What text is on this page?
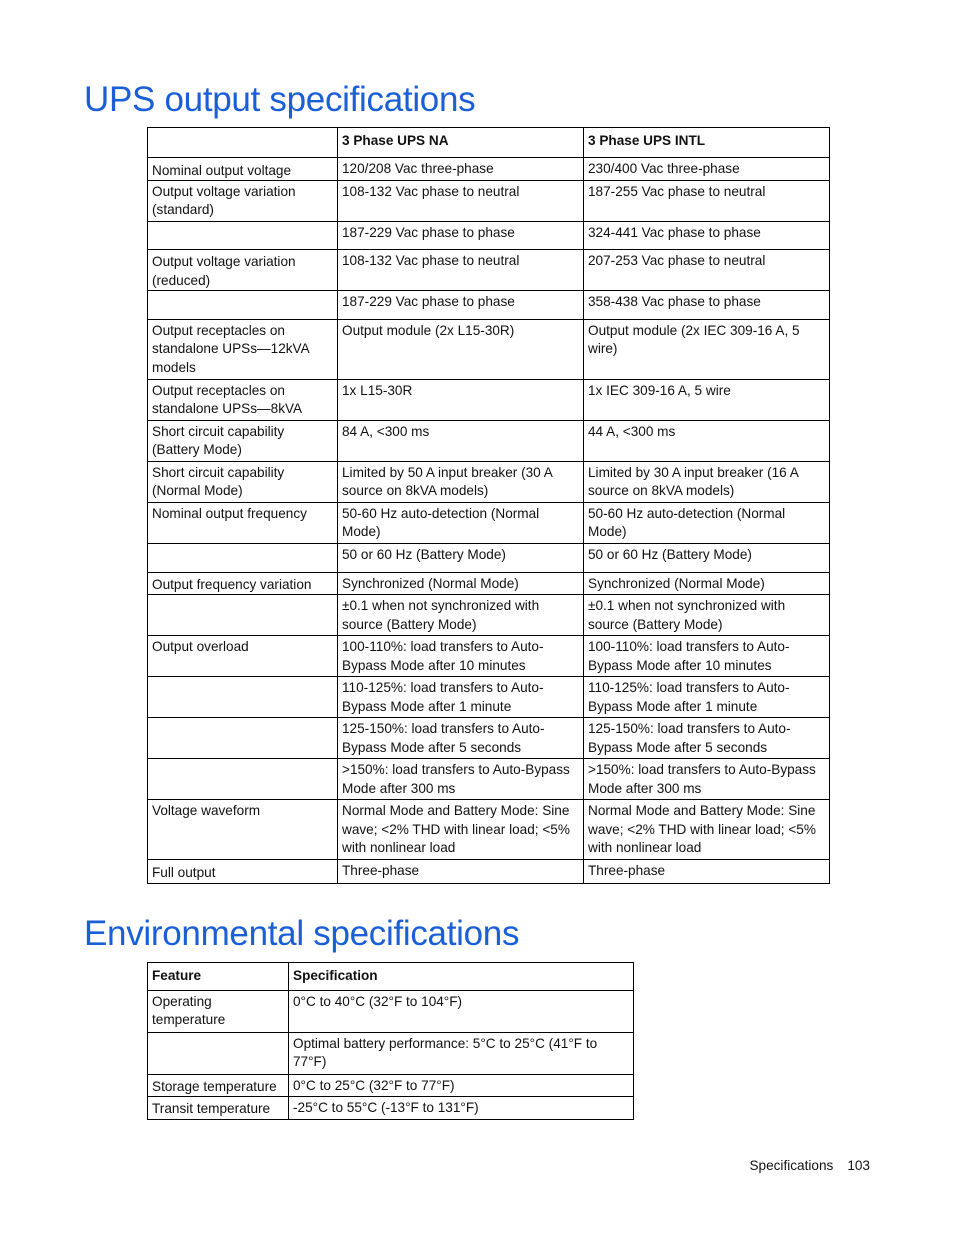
UPS output specifications
	3 Phase UPS NA	3 Phase UPS INTL
Nominal output voltage	120/208 Vac three-phase	230/400 Vac three-phase
Output voltage variation (standard)	108-132 Vac phase to neutral	187-255 Vac phase to neutral
	187-229 Vac phase to phase	324-441 Vac phase to phase
Output voltage variation (reduced)	108-132 Vac phase to neutral	207-253 Vac phase to neutral
	187-229 Vac phase to phase	358-438 Vac phase to phase
Output receptacles on standalone UPSs—12kVA models	Output module (2x L15-30R)	Output module (2x IEC 309-16 A, 5 wire)
Output receptacles on standalone UPSs—8kVA	1x L15-30R	1x IEC 309-16 A, 5 wire
Short circuit capability (Battery Mode)	84 A, <300 ms	44 A, <300 ms
Short circuit capability (Normal Mode)	Limited by 50 A input breaker (30 A source on 8kVA models)	Limited by 30 A input breaker (16 A source on 8kVA models)
Nominal output frequency	50-60 Hz auto-detection (Normal Mode)	50-60 Hz auto-detection (Normal Mode)
	50 or 60 Hz (Battery Mode)	50 or 60 Hz (Battery Mode)
Output frequency variation	Synchronized (Normal Mode)	Synchronized (Normal Mode)
	±0.1 when not synchronized with source (Battery Mode)	±0.1 when not synchronized with source (Battery Mode)
Output overload	100-110%: load transfers to Auto-Bypass Mode after 10 minutes	100-110%: load transfers to Auto-Bypass Mode after 10 minutes
	110-125%: load transfers to Auto-Bypass Mode after 1 minute	110-125%: load transfers to Auto-Bypass Mode after 1 minute
	125-150%: load transfers to Auto-Bypass Mode after 5 seconds	125-150%: load transfers to Auto-Bypass Mode after 5 seconds
	>150%: load transfers to Auto-Bypass Mode after 300 ms	>150%: load transfers to Auto-Bypass Mode after 300 ms
Voltage waveform	Normal Mode and Battery Mode: Sine wave; <2% THD with linear load; <5% with nonlinear load	Normal Mode and Battery Mode: Sine wave; <2% THD with linear load; <5% with nonlinear load
Full output	Three-phase	Three-phase
Environmental specifications
Feature	Specification
Operating temperature	0°C to 40°C (32°F to 104°F)
	Optimal battery performance: 5°C to 25°C (41°F to 77°F)
Storage temperature	0°C to 25°C (32°F to 77°F)
Transit temperature	-25°C to 55°C (-13°F to 131°F)
Specifications 103
